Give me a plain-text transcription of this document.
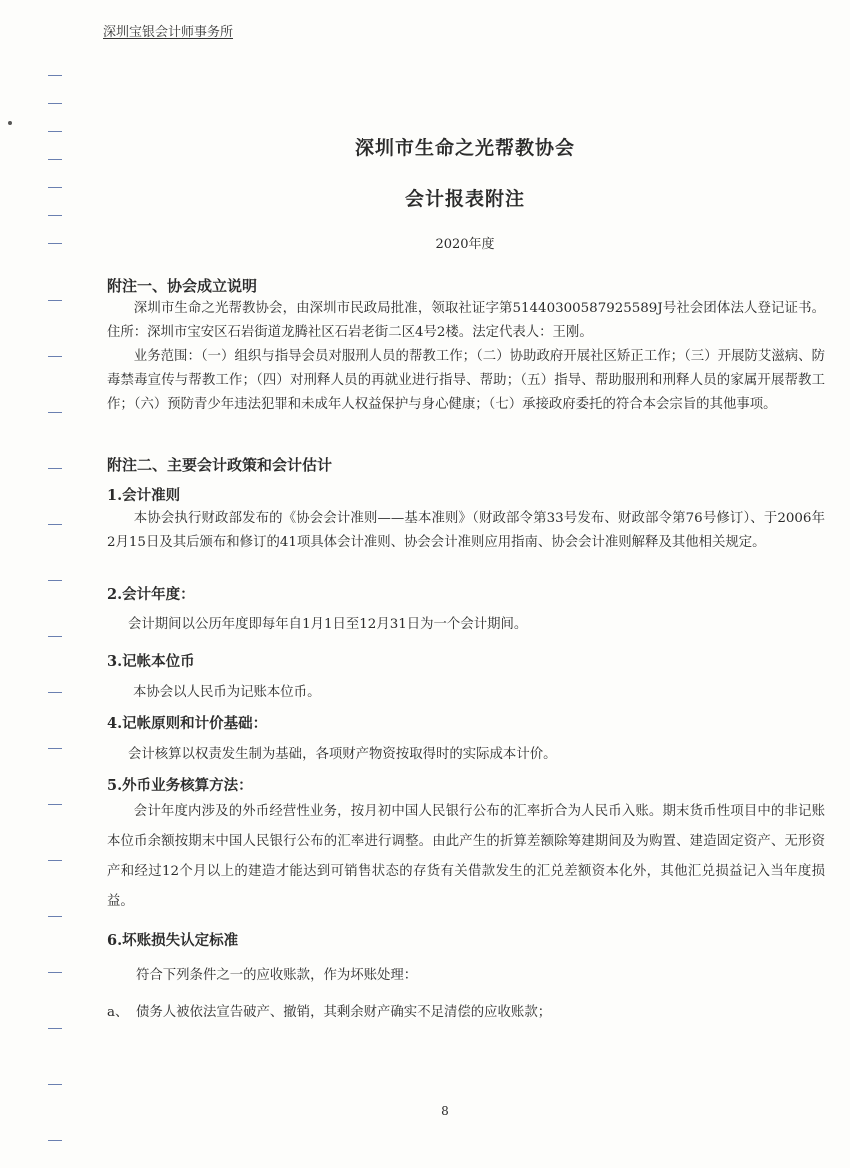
深圳宝银会计师事务所
深圳市生命之光帮教协会
会计报表附注
2020年度
附注一、协会成立说明
深圳市生命之光帮教协会，由深圳市民政局批准，领取社证字第51440300587925589J号社会团体法人登记证书。住所：深圳市宝安区石岩街道龙腾社区石岩老街二区4号2楼。法定代表人：王刚。
业务范围：（一）组织与指导会员对服刑人员的帮教工作；（二）协助政府开展社区矫正工作；（三）开展防艾滋病、防毒禁毒宣传与帮教工作；（四）对刑释人员的再就业进行指导、帮助；（五）指导、帮助服刑和刑释人员的家属开展帮教工作；（六）预防青少年违法犯罪和未成年人权益保护与身心健康；（七）承接政府委托的符合本会宗旨的其他事项。
附注二、主要会计政策和会计估计
1.会计准则
本协会执行财政部发布的《协会会计准则——基本准则》（财政部令第33号发布、财政部令第76号修订）、于2006年2月15日及其后颁布和修订的41项具体会计准则、协会会计准则应用指南、协会会计准则解释及其他相关规定。
2.会计年度：
会计期间以公历年度即每年自1月1日至12月31日为一个会计期间。
3.记帐本位币
本协会以人民币为记账本位币。
4.记帐原则和计价基础：
会计核算以权责发生制为基础，各项财产物资按取得时的实际成本计价。
5.外币业务核算方法：
会计年度内涉及的外币经营性业务，按月初中国人民银行公布的汇率折合为人民币入账。期末货币性项目中的非记账本位币余额按期末中国人民银行公布的汇率进行调整。由此产生的折算差额除筹建期间及为购置、建造固定资产、无形资产和经过12个月以上的建造才能达到可销售状态的存货有关借款发生的汇兑差额资本化外，其他汇兑损益记入当年度损益。
6.坏账损失认定标准
符合下列条件之一的应收账款，作为坏账处理：
a、 债务人被依法宣告破产、撤销，其剩余财产确实不足清偿的应收账款；
8
